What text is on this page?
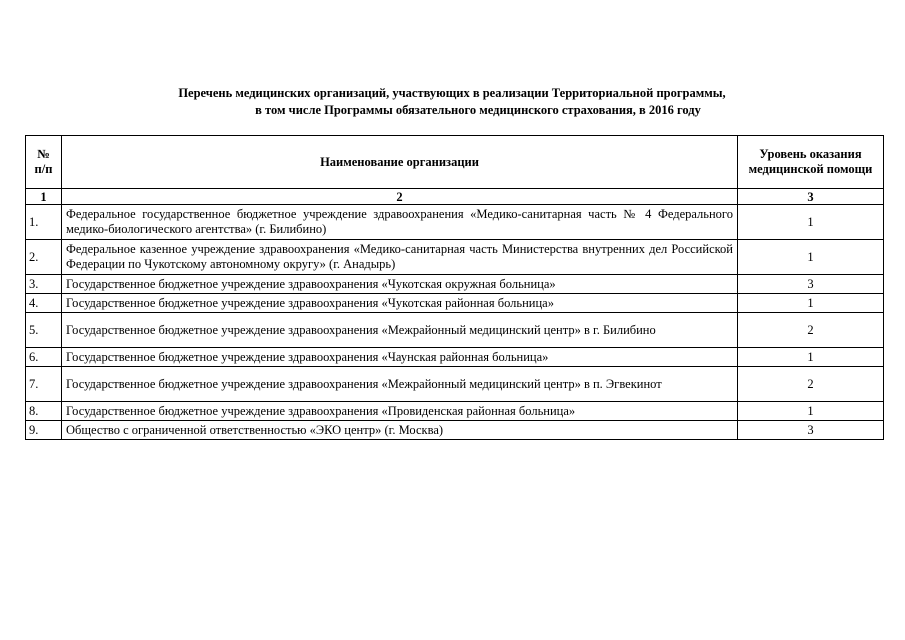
Перечень медицинских организаций, участвующих в реализации Территориальной программы,
в том числе Программы обязательного медицинского страхования, в 2016 году
№
п/п	Наименование организации	Уровень оказания медицинской помощи
1	2	3
1.	Федеральное государственное бюджетное учреждение здравоохранения «Медико-санитарная часть № 4 Федерального медико-биологического агентства» (г. Билибино)	1
2.	Федеральное казенное учреждение здравоохранения «Медико-санитарная часть Министерства внутренних дел Российской Федерации по Чукотскому автономному округу» (г. Анадырь)	1
3.	Государственное бюджетное учреждение здравоохранения «Чукотская окружная больница»	3
4.	Государственное бюджетное учреждение здравоохранения «Чукотская районная больница»	1
5.	Государственное бюджетное учреждение здравоохранения «Межрайонный медицинский центр» в г. Билибино	2
6.	Государственное бюджетное учреждение здравоохранения «Чаунская районная больница»	1
7.	Государственное бюджетное учреждение здравоохранения «Межрайонный медицинский центр» в п. Эгвекинот	2
8.	Государственное бюджетное учреждение здравоохранения «Провиденская районная больница»	1
9.	Общество с ограниченной ответственностью «ЭКО центр» (г. Москва)	3
